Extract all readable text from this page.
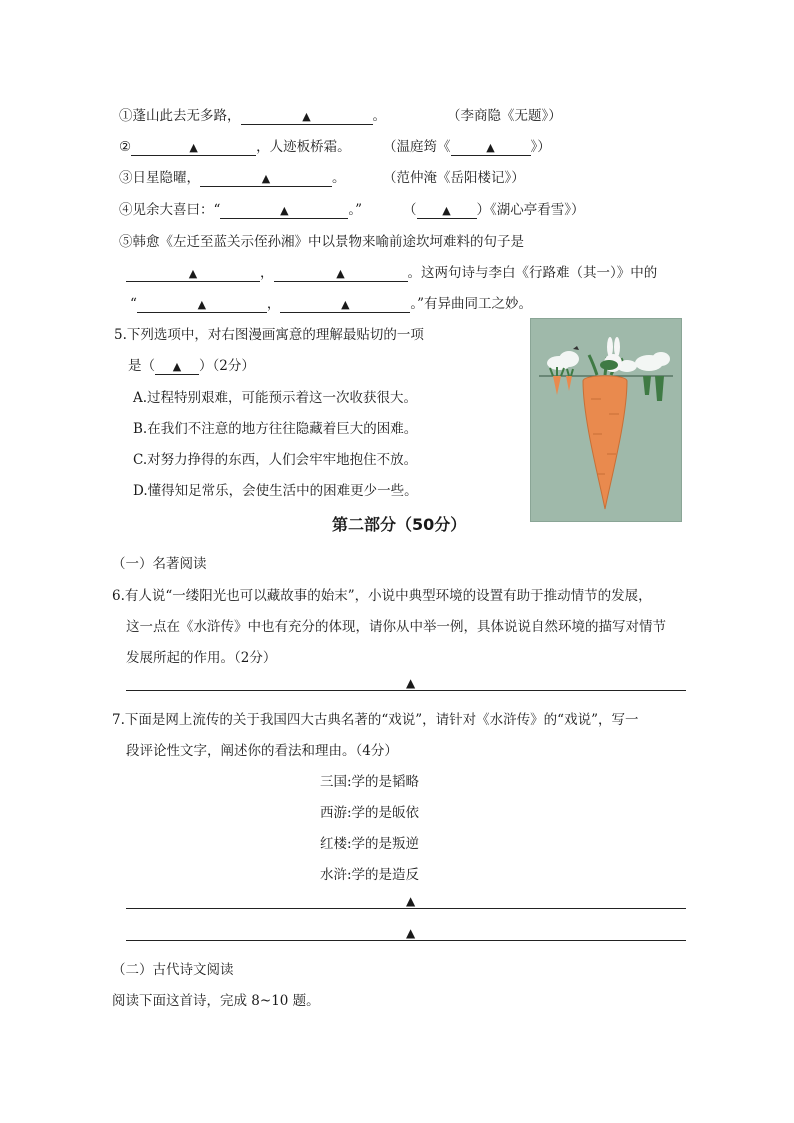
①蓬山此去无多路，	▲	。	（李商隐《无题》）
②	▲	，人迹板桥霜。 （温庭筠《	▲	》）
③日星隐曜，	▲	。	（范仲淹《岳阳楼记》）
④见余大喜曰：“	▲	。”	（ ▲ ）《湖心亭看雪》）
⑤韩愈《左迁至蓝关示侄孙湘》中以景物来喻前途坎坷难料的句子是
▲	，	▲	。这两句诗与李白《行路难（其一）》中的
“	▲	，	▲	。”有异曲同工之妙。
5.下列选项中，对右图漫画寓意的理解最贴切的一项
是（ ▲ ）（2分）
A.过程特别艰难，可能预示着这一次收获很大。
B.在我们不注意的地方往往隐藏着巨大的困难。
C.对努力挣得的东西，人们会牢牢地抱住不放。
D.懂得知足常乐，会使生活中的困难更少一些。
第二部分（50分）
（一）名著阅读
6.有人说“一缕阳光也可以藏故事的始末”，小说中典型环境的设置有助于推动情节的发展，
这一点在《水浒传》中也有充分的体现，请你从中举一例，具体说说自然环境的描写对情节
发展所起的作用。（2分）
▲
7.下面是网上流传的关于我国四大古典名著的“戏说”，请针对《水浒传》的“戏说”，写一
段评论性文字，阐述你的看法和理由。（4分）
三国:学的是韬略
西游:学的是皈依
红楼:学的是叛逆
水浒:学的是造反
▲
▲
（二）古代诗文阅读
阅读下面这首诗，完成 8~10 题。
